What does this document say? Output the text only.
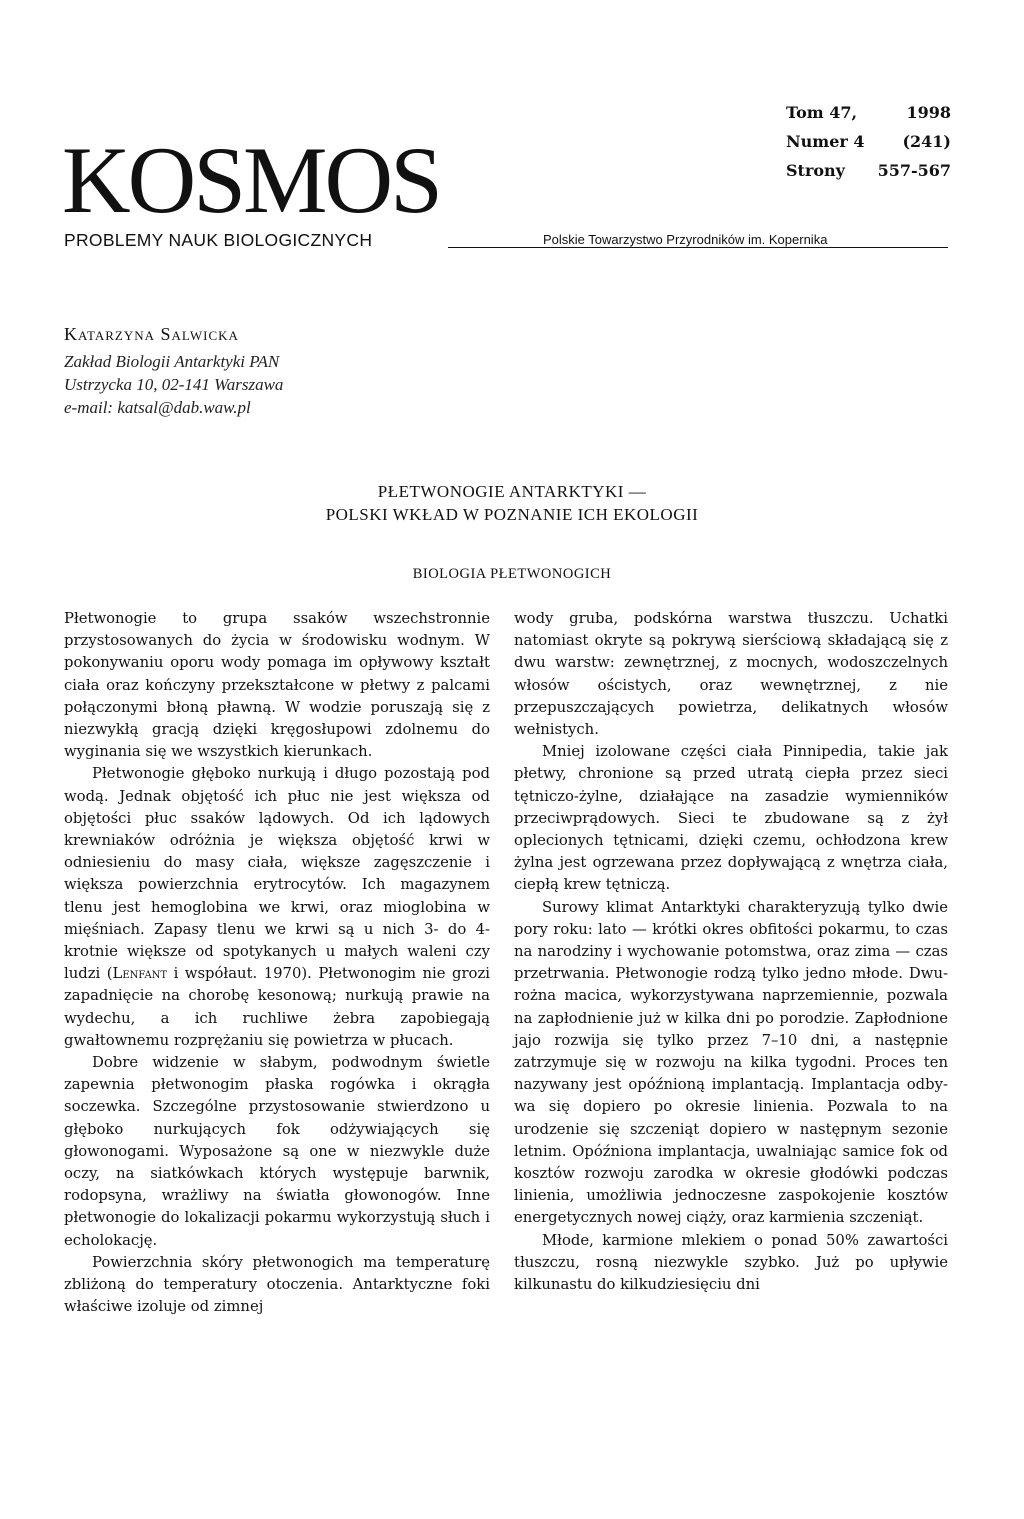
KOSMOS
PROBLEMY NAUK BIOLOGICZNYCH	Polskie Towarzystwo Przyrodników im. Kopernika
Tom 47,	1998
Numer 4	(241)
Strony	557-567
Katarzyna Salwicka
Zakład Biologii Antarktyki PAN
Ustrzycka 10, 02-141 Warszawa
e-mail: katsal@dab.waw.pl
PŁETWONOGIE ANTARKTYKI —
POLSKI WKŁAD W POZNANIE ICH EKOLOGII
BIOLOGIA PŁETWONOGICH

Płetwonogie to grupa ssaków wszechstronnie przystosowanych do życia w środowisku wodnym. W pokonywaniu oporu wody pomaga im opływowy kształt ciała oraz kończyny przekształcone w płetwy z palcami połączonymi błoną pławną. W wodzie poruszają się z niezwykłą gracją dzięki kręgosłupowi zdolnemu do wyginania się we wszystkich kierunkach.

Płetwonogie głęboko nurkują i długo pozostają pod wodą. Jednak objętość ich płuc nie jest większa od objętości płuc ssaków lądowych. Od ich lądowych krewniaków odróżnia je większa objętość krwi w odniesieniu do masy ciała, większe zagęszczenie i większa powierzchnia erytrocytów. Ich magazynem tlenu jest hemoglobina we krwi, oraz mioglobina w mięśniach. Zapasy tlenu we krwi są u nich 3- do 4-krotnie większe od spotykanych u małych waleni czy ludzi (Lenfant i współaut. 1970). Płetwonogim nie grozi zapadnięcie na chorobę kesonową; nurkują prawie na wydechu, a ich ruchliwe żebra zapobiegają gwałtownemu rozprężaniu się powietrza w płucach.

Dobre widzenie w słabym, podwodnym świetle zapewnia płetwonogim płaska rogówka i okrągła soczewka. Szczególne przystosowanie stwierdzono u głęboko nurkujących fok odżywiających się głowonogami. Wyposażone są one w niezwykle duże oczy, na siatkówkach których występuje barwnik, rodopsyna, wrażliwy na światła głowonogów. Inne płetwonogie do lokalizacji pokarmu wykorzystują słuch i echolokację.

Powierzchnia skóry płetwonogich ma temperaturę zbliżoną do temperatury otoczenia. Antarktyczne foki właściwe izoluje od zimnej

wody gruba, podskórna warstwa tłuszczu. Uchatki natomiast okryte są pokrywą sierściową składającą się z dwu warstw: zewnętrznej, z mocnych, wodoszczelnych włosów ościstych, oraz wewnętrznej, z nie przepuszczających powietrza, delikatnych włosów wełnistych.

Mniej izolowane części ciała Pinnipedia, takie jak płetwy, chronione są przed utratą ciepła przez sieci tętniczo-żylne, działające na zasadzie wymienników przeciwprądowych. Sieci te zbudowane są z żył oplecionych tętnicami, dzięki czemu, ochłodzona krew żylna jest ogrzewana przez dopływającą z wnętrza ciała, ciepłą krew tętniczą.

Surowy klimat Antarktyki charakteryzują tylko dwie pory roku: lato — krótki okres obfitości pokarmu, to czas na narodziny i wychowanie potomstwa, oraz zima — czas przetrwania. Płetwonogie rodzą tylko jedno młode. Dwurożna macica, wykorzystywana naprzemiennie, pozwala na zapłodnienie już w kilka dni po porodzie. Zapłodnione jajo rozwija się tylko przez 7–10 dni, a następnie zatrzymuje się w rozwoju na kilka tygodni. Proces ten nazywany jest opóźnioną implantacją. Implantacja odbywa się dopiero po okresie linienia. Pozwala to na urodzenie się szczeniąt dopiero w następnym sezonie letnim. Opóźniona implantacja, uwalniając samice fok od kosztów rozwoju zarodka w okresie głodówki podczas linienia, umożliwia jednoczesne zaspokojenie kosztów energetycznych nowej ciąży, oraz karmienia szczeniąt.

Młode, karmione mlekiem o ponad 50% zawartości tłuszczu, rosną niezwykle szybko. Już po upływie kilkunastu do kilkudziesięciu dni
